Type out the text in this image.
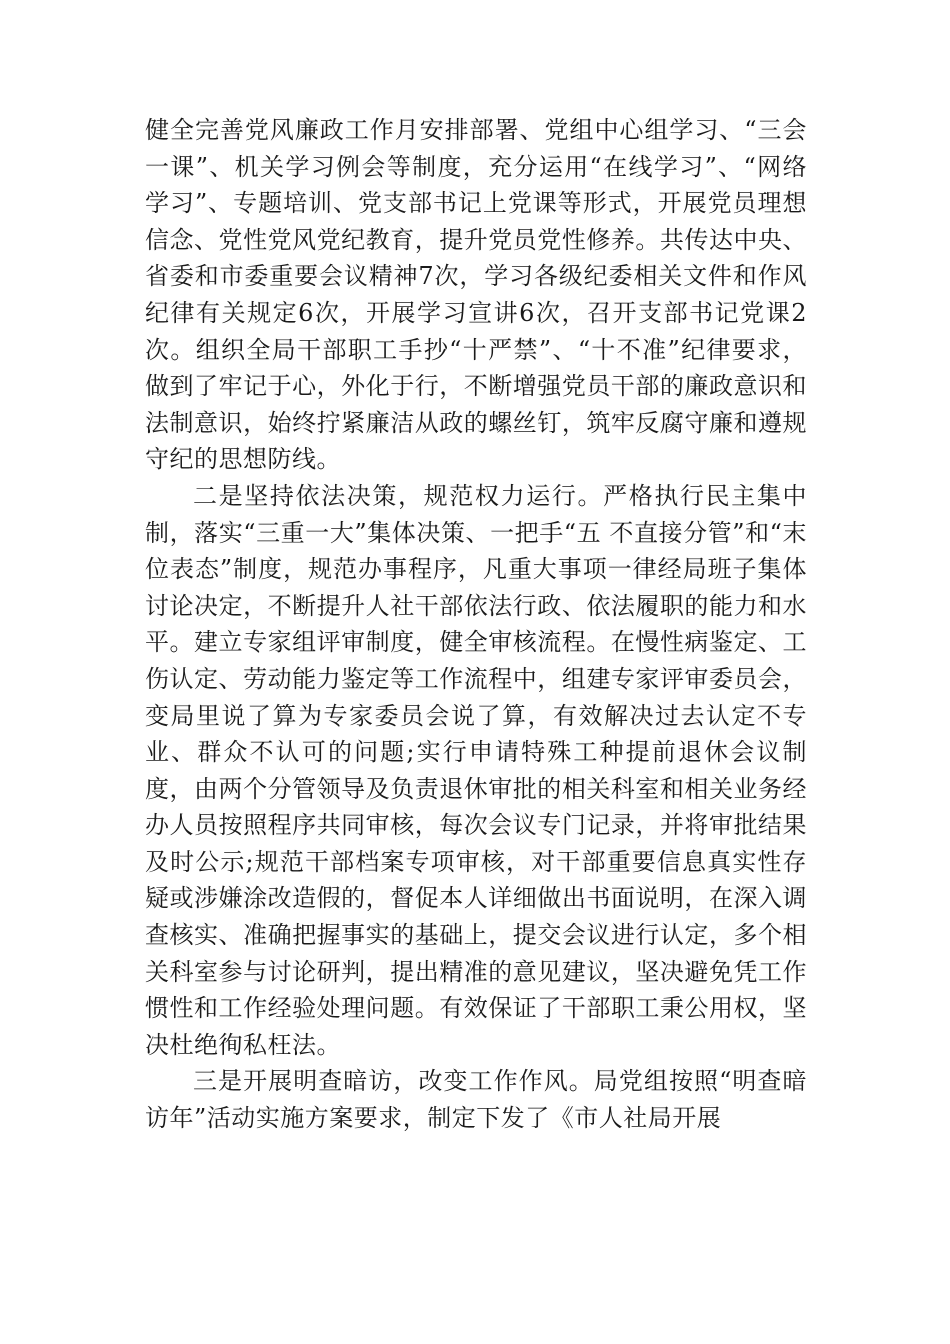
健全完善党风廉政工作月安排部署、党组中心组学习、“三会一课”、机关学习例会等制度，充分运用“在线学习”、“网络学习”、专题培训、党支部书记上党课等形式，开展党员理想信念、党性党风党纪教育，提升党员党性修养。共传达中央、省委和市委重要会议精神7次，学习各级纪委相关文件和作风纪律有关规定6次，开展学习宣讲6次，召开支部书记党课2次。组织全局干部职工手抄“十严禁”、“十不准”纪律要求，做到了牢记于心，外化于行，不断增强党员干部的廉政意识和法制意识，始终拧紧廉洁从政的螺丝钉，筑牢反腐守廉和遵规守纪的思想防线。

二是坚持依法决策，规范权力运行。严格执行民主集中制，落实“三重一大”集体决策、一把手“五 不直接分管”和“末位表态”制度，规范办事程序，凡重大事项一律经局班子集体讨论决定，不断提升人社干部依法行政、依法履职的能力和水平。建立专家组评审制度，健全审核流程。在慢性病鉴定、工伤认定、劳动能力鉴定等工作流程中，组建专家评审委员会，变局里说了算为专家委员会说了算，有效解决过去认定不专业、群众不认可的问题;实行申请特殊工种提前退休会议制度，由两个分管领导及负责退休审批的相关科室和相关业务经办人员按照程序共同审核，每次会议专门记录，并将审批结果及时公示;规范干部档案专项审核，对干部重要信息真实性存疑或涉嫌涂改造假的，督促本人详细做出书面说明，在深入调查核实、准确把握事实的基础上，提交会议进行认定，多个相关科室参与讨论研判，提出精准的意见建议，坚决避免凭工作惯性和工作经验处理问题。有效保证了干部职工秉公用权，坚决杜绝徇私枉法。

三是开展明查暗访，改变工作作风。局党组按照“明查暗访年”活动实施方案要求，制定下发了《市人社局开展
